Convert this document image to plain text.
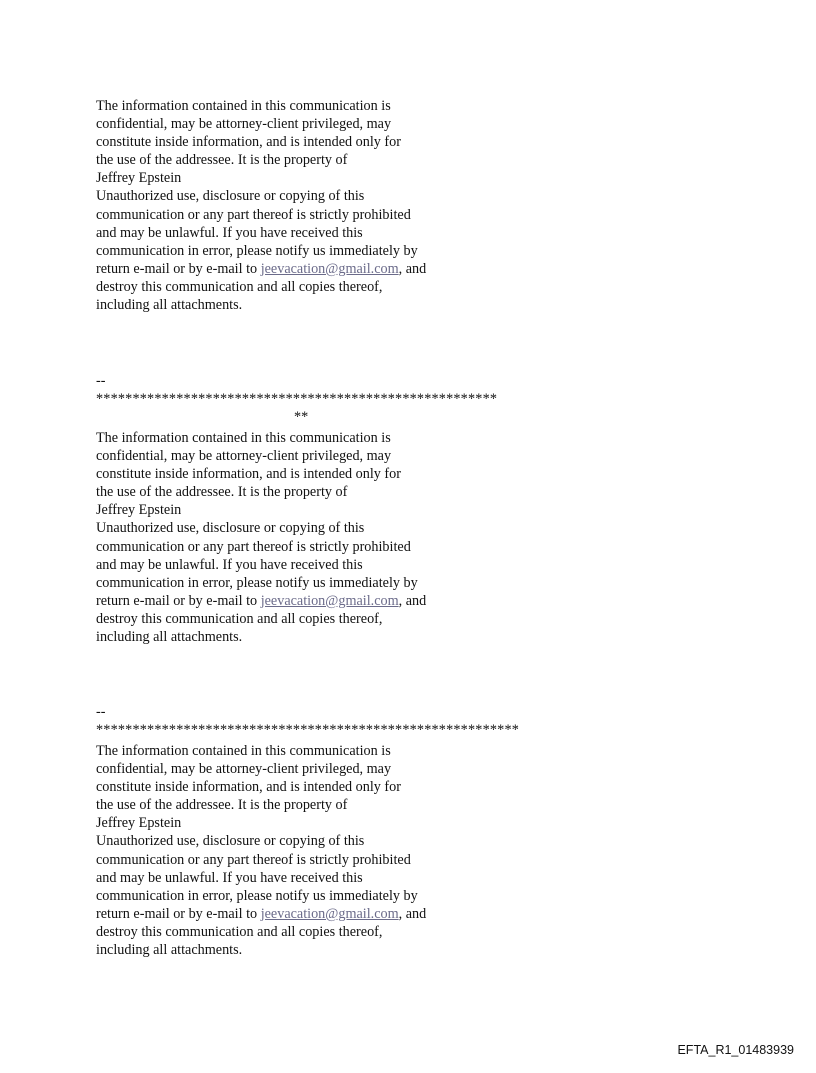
The information contained in this communication is
confidential, may be attorney-client privileged, may
constitute inside information, and is intended only for
the use of the addressee. It is the property of
Jeffrey Epstein
Unauthorized use, disclosure or copying of this
communication or any part thereof is strictly prohibited
and may be unlawful. If you have received this
communication in error, please notify us immediately by
return e-mail or by e-mail to jeevacation@gmail.com, and
destroy this communication and all copies thereof,
including all attachments.
--
*******************************************************
**
The information contained in this communication is
confidential, may be attorney-client privileged, may
constitute inside information, and is intended only for
the use of the addressee. It is the property of
Jeffrey Epstein
Unauthorized use, disclosure or copying of this
communication or any part thereof is strictly prohibited
and may be unlawful. If you have received this
communication in error, please notify us immediately by
return e-mail or by e-mail to jeevacation@gmail.com, and
destroy this communication and all copies thereof,
including all attachments.
--
**********************************************************
The information contained in this communication is
confidential, may be attorney-client privileged, may
constitute inside information, and is intended only for
the use of the addressee. It is the property of
Jeffrey Epstein
Unauthorized use, disclosure or copying of this
communication or any part thereof is strictly prohibited
and may be unlawful. If you have received this
communication in error, please notify us immediately by
return e-mail or by e-mail to jeevacation@gmail.com, and
destroy this communication and all copies thereof,
including all attachments.
EFTA_R1_01483939
